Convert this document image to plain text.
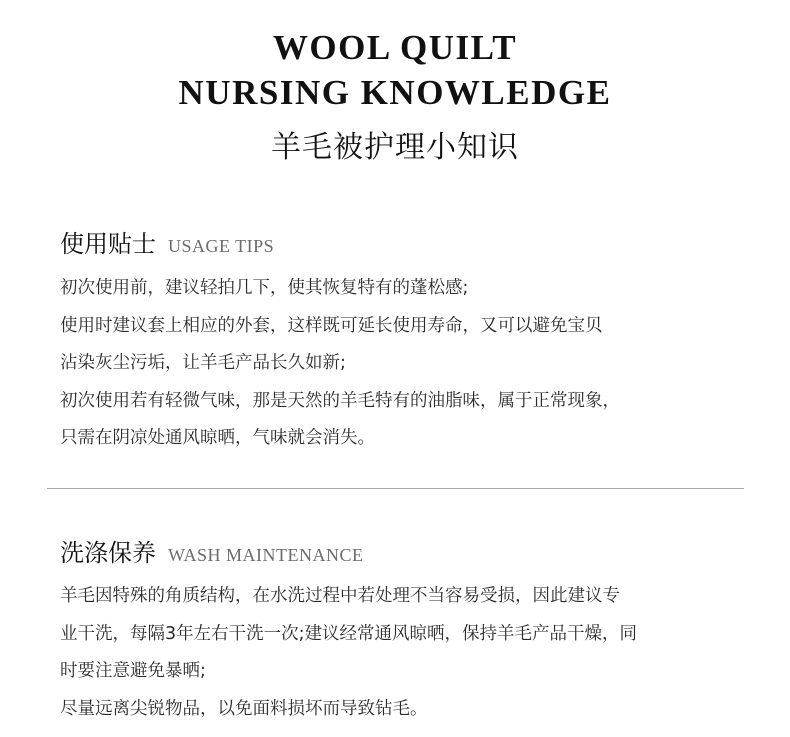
WOOL QUILT
NURSING KNOWLEDGE
羊毛被护理小知识
使用贴士 USAGE TIPS
初次使用前，建议轻拍几下，使其恢复特有的蓬松感;
使用时建议套上相应的外套，这样既可延长使用寿命，又可以避免宝贝
沾染灰尘污垢，让羊毛产品长久如新;
初次使用若有轻微气味，那是天然的羊毛特有的油脂味，属于正常现象，
只需在阴凉处通风晾晒，气味就会消失。
洗涤保养 WASH MAINTENANCE
羊毛因特殊的角质结构，在水洗过程中若处理不当容易受损，因此建议专
业干洗，每隔3年左右干洗一次;建议经常通风晾晒，保持羊毛产品干燥，同
时要注意避免暴晒;
尽量远离尖锐物品，以免面料损坏而导致钻毛。
